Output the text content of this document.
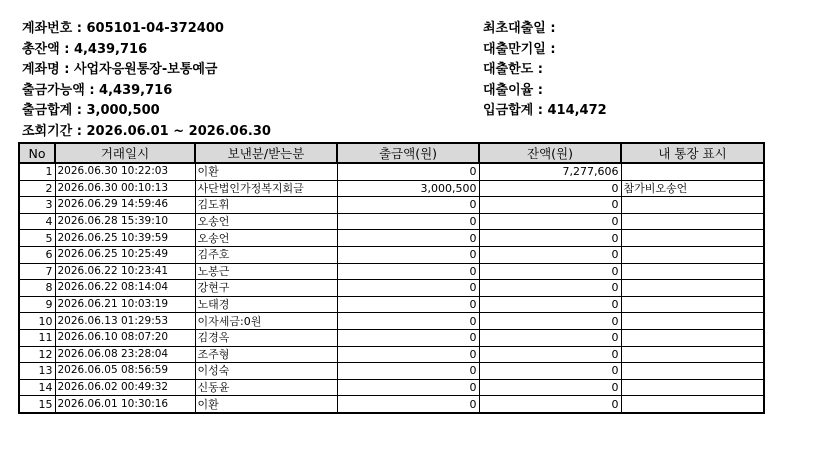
계좌번호 : 605101-04-372400
총잔액 : 4,439,716
계좌명 : 사업자응원통장-보통예금
출금가능액 : 4,439,716
출금합계 : 3,000,500
조회기간 : 2026.06.01 ~ 2026.06.30
최초대출일 :
대출만기일 :
대출한도 :
대출이율 :
입금합계 : 414,472
No	거래일시	보낸분/받는분	출금액(원)	잔액(원)	내 통장 표시
1	2026.06.30 10:22:03	이환	0	7,277,606	
2	2026.06.30 00:10:13	사단법인가정복지회글	3,000,500	0	참가비오송언
3	2026.06.29 14:59:46	김도휘	0	0	
4	2026.06.28 15:39:10	오송언	0	0	
5	2026.06.25 10:39:59	오송언	0	0	
6	2026.06.25 10:25:49	김주호	0	0	
7	2026.06.22 10:23:41	노봉근	0	0	
8	2026.06.22 08:14:04	강현구	0	0	
9	2026.06.21 10:03:19	노태경	0	0	
10	2026.06.13 01:29:53	이자세금:0원	0	0	
11	2026.06.10 08:07:20	김경옥	0	0	
12	2026.06.08 23:28:04	조주형	0	0	
13	2026.06.05 08:56:59	이성숙	0	0	
14	2026.06.02 00:49:32	신동윤	0	0	
15	2026.06.01 10:30:16	이환	0	0	
